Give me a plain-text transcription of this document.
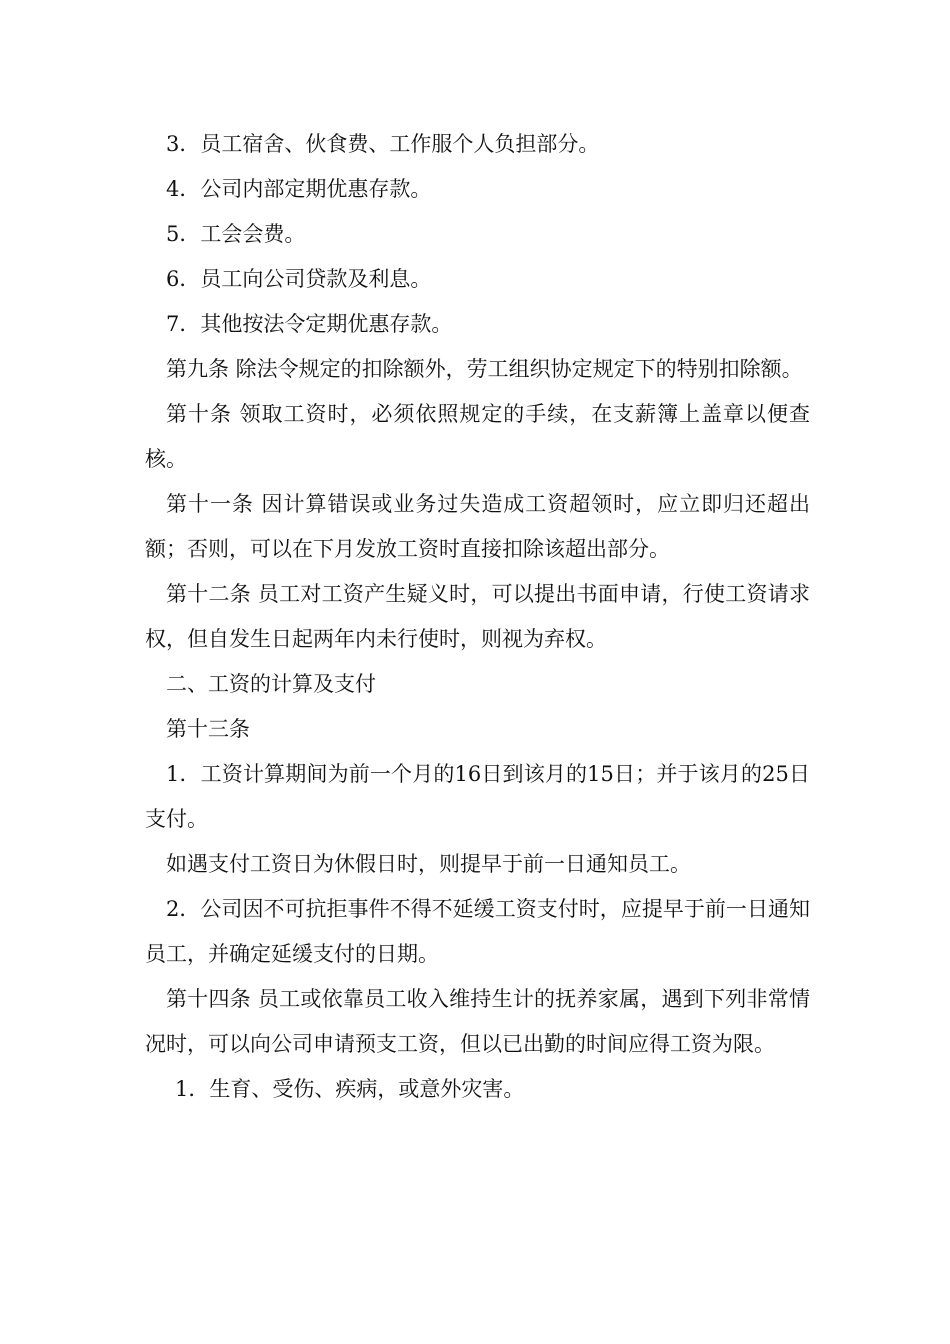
3．员工宿舍、伙食费、工作服个人负担部分。

4．公司内部定期优惠存款。

5．工会会费。

6．员工向公司贷款及利息。

7．其他按法令定期优惠存款。

第九条 除法令规定的扣除额外，劳工组织协定规定下的特别扣除额。

第十条 领取工资时，必须依照规定的手续，在支薪簿上盖章以便查核。

第十一条 因计算错误或业务过失造成工资超领时，应立即归还超出额；否则，可以在下月发放工资时直接扣除该超出部分。

第十二条 员工对工资产生疑义时，可以提出书面申请，行使工资请求权，但自发生日起两年内未行使时，则视为弃权。

二、工资的计算及支付

第十三条

1．工资计算期间为前一个月的16日到该月的15日；并于该月的25日支付。

如遇支付工资日为休假日时，则提早于前一日通知员工。

2．公司因不可抗拒事件不得不延缓工资支付时，应提早于前一日通知员工，并确定延缓支付的日期。

第十四条 员工或依靠员工收入维持生计的抚养家属，遇到下列非常情况时，可以向公司申请预支工资，但以已出勤的时间应得工资为限。

1．生育、受伤、疾病，或意外灾害。
